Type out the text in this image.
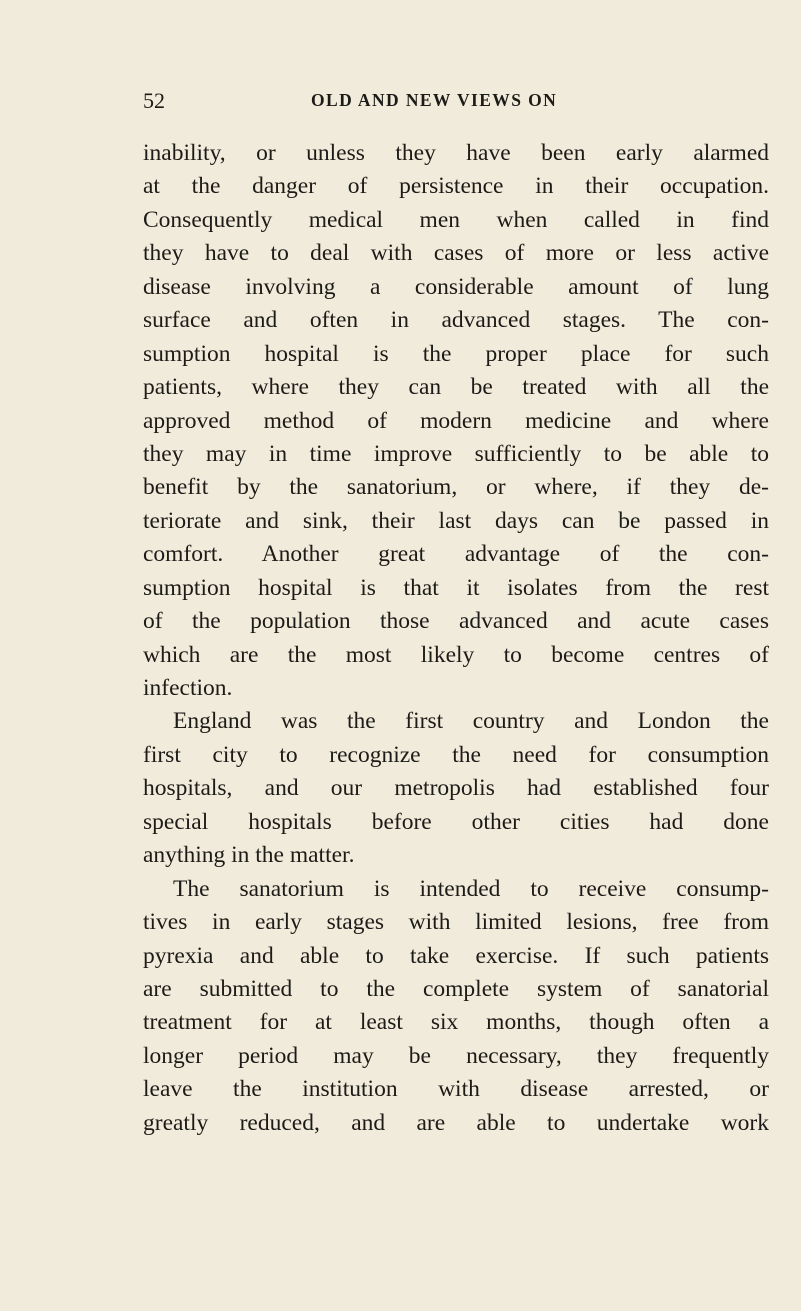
52	OLD AND NEW VIEWS ON
inability, or unless they have been early alarmed
at the danger of persistence in their occupation.
Consequently medical men when called in find
they have to deal with cases of more or less active
disease involving a considerable amount of lung
surface and often in advanced stages. The con-
sumption hospital is the proper place for such
patients, where they can be treated with all the
approved method of modern medicine and where
they may in time improve sufficiently to be able to
benefit by the sanatorium, or where, if they de-
teriorate and sink, their last days can be passed in
comfort. Another great advantage of the con-
sumption hospital is that it isolates from the rest
of the population those advanced and acute cases
which are the most likely to become centres of
infection.
England was the first country and London the
first city to recognize the need for consumption
hospitals, and our metropolis had established four
special hospitals before other cities had done
anything in the matter.
The sanatorium is intended to receive consump-
tives in early stages with limited lesions, free from
pyrexia and able to take exercise. If such patients
are submitted to the complete system of sanatorial
treatment for at least six months, though often a
longer period may be necessary, they frequently
leave the institution with disease arrested, or
greatly reduced, and are able to undertake work
